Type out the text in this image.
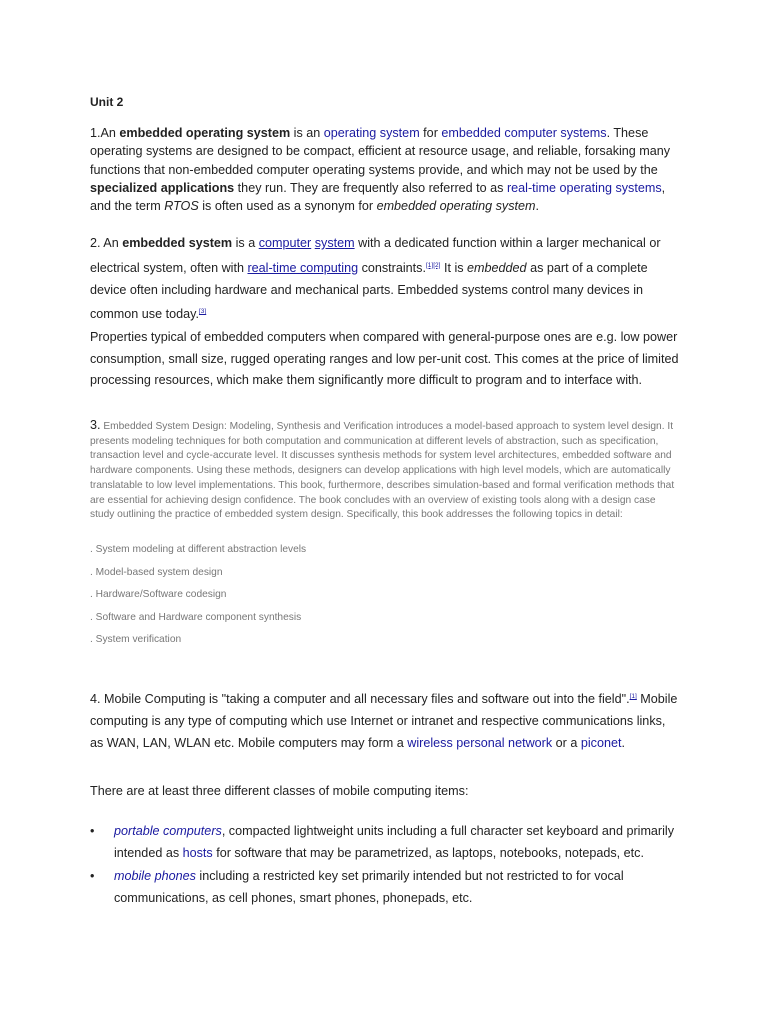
Unit 2
1.An embedded operating system is an operating system for embedded computer systems. These operating systems are designed to be compact, efficient at resource usage, and reliable, forsaking many functions that non-embedded computer operating systems provide, and which may not be used by the specialized applications they run. They are frequently also referred to as real-time operating systems, and the term RTOS is often used as a synonym for embedded operating system.
2. An embedded system is a computer system with a dedicated function within a larger mechanical or electrical system, often with real-time computing constraints.[1][2] It is embedded as part of a complete device often including hardware and mechanical parts. Embedded systems control many devices in common use today.[3]
Properties typical of embedded computers when compared with general-purpose ones are e.g. low power consumption, small size, rugged operating ranges and low per-unit cost. This comes at the price of limited processing resources, which make them significantly more difficult to program and to interface with.
3. Embedded System Design: Modeling, Synthesis and Verification introduces a model-based approach to system level design. It presents modeling techniques for both computation and communication at different levels of abstraction, such as specification, transaction level and cycle-accurate level. It discusses synthesis methods for system level architectures, embedded software and hardware components. Using these methods, designers can develop applications with high level models, which are automatically translatable to low level implementations. This book, furthermore, describes simulation-based and formal verification methods that are essential for achieving design confidence. The book concludes with an overview of existing tools along with a design case study outlining the practice of embedded system design. Specifically, this book addresses the following topics in detail:
. System modeling at different abstraction levels
. Model-based system design
. Hardware/Software codesign
. Software and Hardware component synthesis
. System verification
4. Mobile Computing is "taking a computer and all necessary files and software out into the field".[1] Mobile computing is any type of computing which use Internet or intranet and respective communications links, as WAN, LAN, WLAN etc. Mobile computers may form a wireless personal network or a piconet.
There are at least three different classes of mobile computing items:
• portable computers, compacted lightweight units including a full character set keyboard and primarily intended as hosts for software that may be parametrized, as laptops, notebooks, notepads, etc.
• mobile phones including a restricted key set primarily intended but not restricted to for vocal communications, as cell phones, smart phones, phonepads, etc.
